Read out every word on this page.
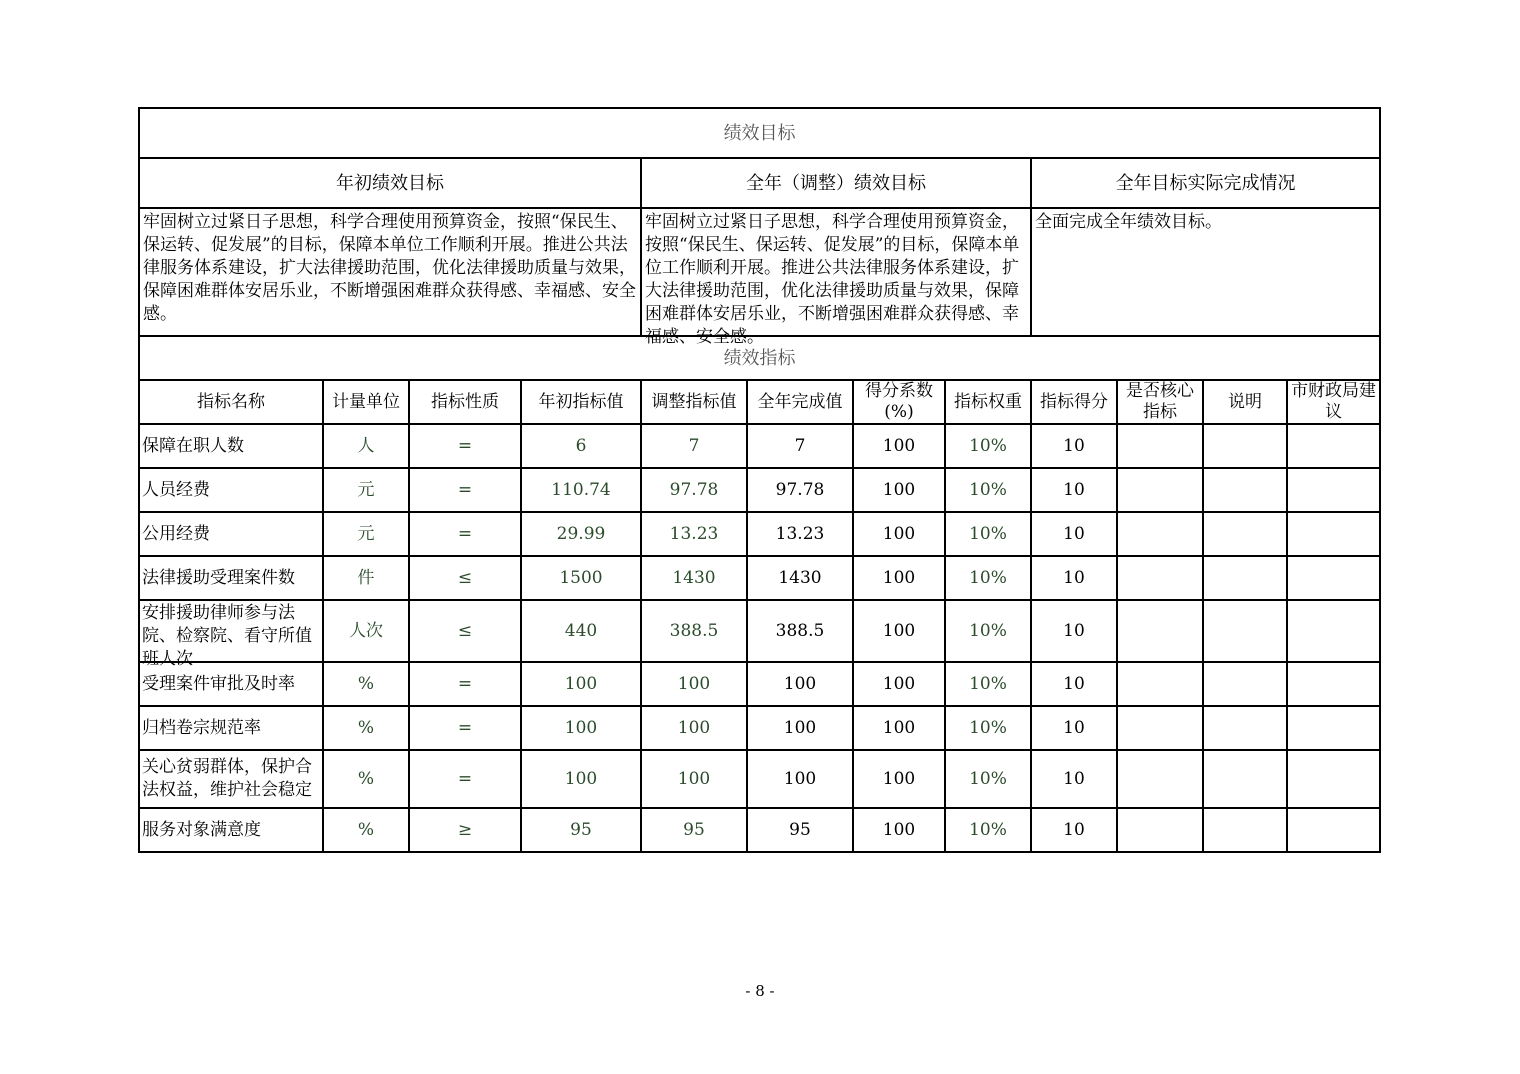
绩效目标											
年初绩效目标				全年（调整）绩效目标				全年目标实际完成情况			

牢固树立过紧日子思想，科学合理使用预算资金，按照“保民生、保运转、促发展”的目标，保障本单位工作顺利开展。推进公共法律服务体系建设，扩大法律援助范围，优化法律援助质量与效果，保障困难群体安居乐业，不断增强困难群众获得感、幸福感、安全感。				牢固树立过紧日子思想，科学合理使用预算资金，按照“保民生、保运转、促发展”的目标，保障本单位工作顺利开展。推进公共法律服务体系建设，扩大法律援助范围，优化法律援助质量与效果，保障困难群体安居乐业，不断增强困难群众获得感、幸福感、安全感。				全面完成全年绩效目标。			

绩效指标											

指标名称	计量单位	指标性质	年初指标值	调整指标值	全年完成值	得分系数(%)	指标权重	指标得分	是否核心指标	说明	市财政局建议

保障在职人数	人	=	6	7	7	100	10%	10			

人员经费	元	=	110.74	97.78	97.78	100	10%	10			

公用经费	元	=	29.99	13.23	13.23	100	10%	10			

法律援助受理案件数	件	≤	1500	1430	1430	100	10%	10			

安排援助律师参与法院、检察院、看守所值班人次	人次	≤	440	388.5	388.5	100	10%	10			

受理案件审批及时率	%	=	100	100	100	100	10%	10			

归档卷宗规范率	%	=	100	100	100	100	10%	10			

关心贫弱群体，保护合法权益，维护社会稳定	%	=	100	100	100	100	10%	10			

服务对象满意度	%	≥	95	95	95	100	10%	10			
- 8 -
